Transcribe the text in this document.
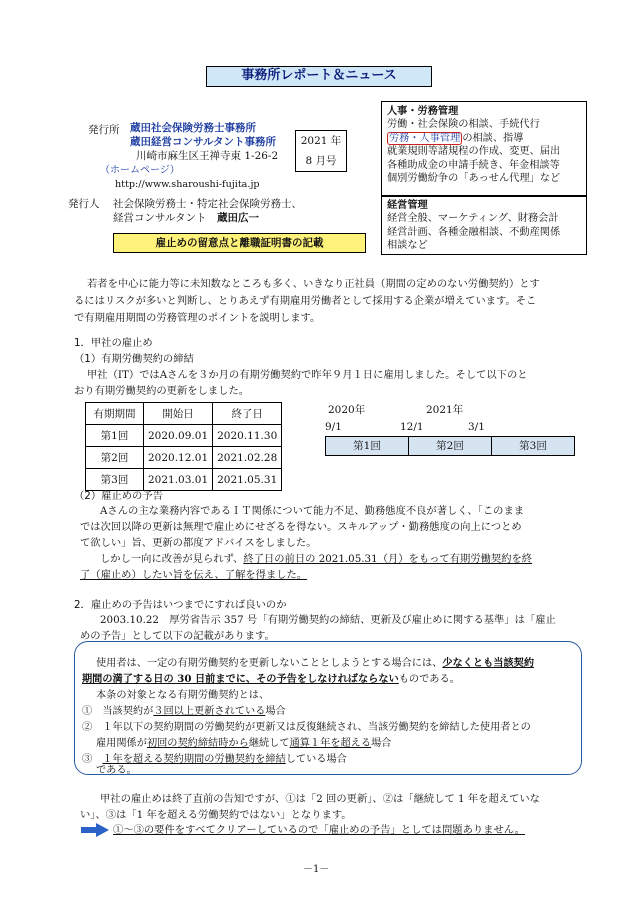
事務所レポート＆ニュース
発行所 蔵田社会保険労務士事務所
蔵田経営コンサルタント事務所
川崎市麻生区王禅寺東 1-26-2
（ホームページ）
http://www.sharoushi-fujita.jp
2021 年
8 月号
発行人 社会保険労務士・特定社会保険労務士、
経営コンサルタント　 蔵田広一
雇止めの留意点と離職証明書の記載
人事・労務管理
労働・社会保険の相談、手続代行
労務・人事管理 の相談、指導
就業規則等諸規程の作成、変更、届出
各種助成金の申請手続き、年金相談等
個別労働紛争の「あっせん代理」など
経営管理
経営全般、マーケティング、財務会計
経営計画、各種金融相談、不動産関係
相談など
若者を中心に能力等に未知数なところも多く、いきなり正社員（期間の定めのない労働契約）とす
るにはリスクが多いと判断し、とりあえず有期雇用労働者として採用する企業が増えています。そこ
で有期雇用期間の労務管理のポイントを説明します。
1．甲社の雇止め
（1）有期労働契約の締結
甲社（IT）ではAさんを３か月の有期労働契約で昨年９月１日に雇用しました。そして以下のと
おり有期労働契約の更新をしました。
有期期間	開始日	終了日
第1回	2020.09.01	2020.11.30
第2回	2020.12.01	2021.02.28
第3回	2021.03.01	2021.05.31
2020年	2021年
9/1	12/1	3/1
第1回	第2回	第3回
（2）雇止めの予告
Aさんの主な業務内容であるＩＴ関係について能力不足、勤務態度不良が著しく、「このまま
では次回以降の更新は無理で雇止めにせざるを得ない。スキルアップ・勤務態度の向上につとめ
て欲しい」旨、更新の都度アドバイスをしました。
しかし一向に改善が見られず、終了日の前日の 2021.05.31（月）をもって有期労働契約を終
了（雇止め）したい旨を伝え、了解を得ました。
2．雇止めの予告はいつまでにすれば良いのか
2003.10.22　厚労省告示 357 号「有期労働契約の締結、更新及び雇止めに関する基準」は「雇止
めの予告」として以下の記載があります。
使用者は、一定の有期労働契約を更新しないこととしようとする場合には、少なくとも当該契約
期間の満了する日の 30 日前までに、その予告をしなければならないものである。
本条の対象となる有期労働契約とは、
①　当該契約が３回以上更新されている場合
②　１年以下の契約期間の労働契約が更新又は反復継続され、当該労働契約を締結した使用者との
雇用関係が初回の契約締結時から継続して通算１年を超える場合
③　１年を超える契約期間の労働契約を締結している場合
である。
甲社の雇止めは終了直前の告知ですが、①は「2 回の更新」、②は「継続して 1 年を超えていな
い」、③は「1 年を超える労働契約ではない」となります。
①～③の要件をすべてクリアーしているので「雇止めの予告」としては問題ありません。
－1－
